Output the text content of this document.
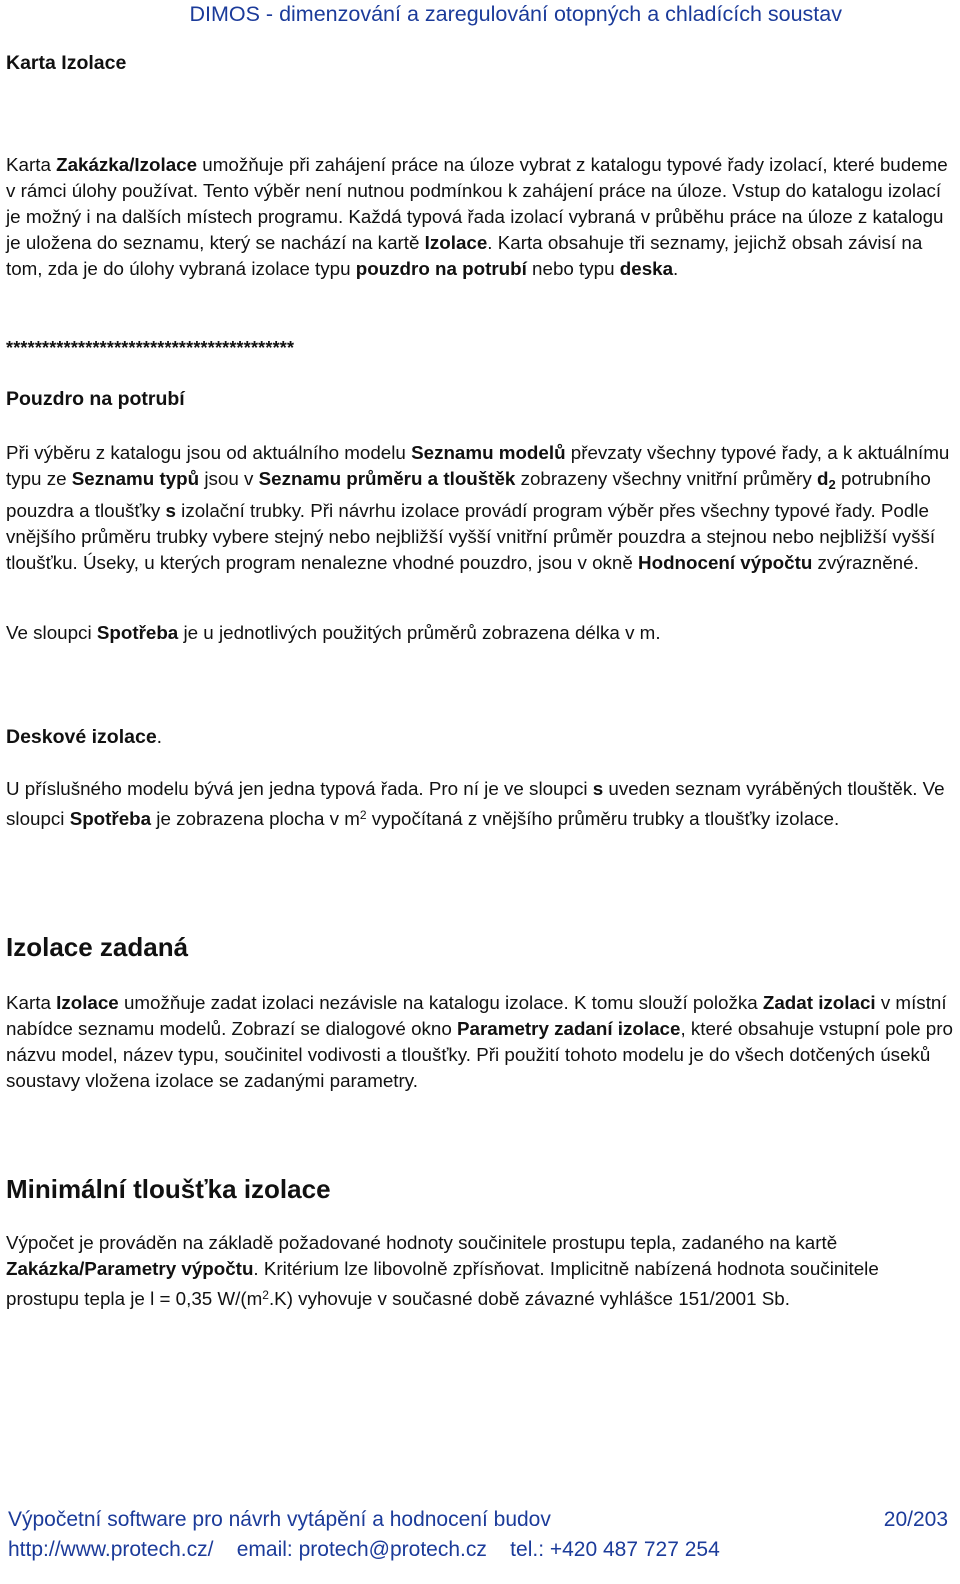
DIMOS - dimenzování a zaregulování otopných a chladících soustav
Karta Izolace

Karta Zakázka/Izolace umožňuje při zahájení práce na úloze vybrat z katalogu typové řady izolací, které budeme v rámci úlohy používat. Tento výběr není nutnou podmínkou k zahájení práce na úloze. Vstup do katalogu izolací je možný i na dalších místech programu. Každá typová řada izolací vybraná v průběhu práce na úloze z katalogu je uložena do seznamu, který se nachází na kartě Izolace. Karta obsahuje tři seznamy, jejichž obsah závisí na tom, zda je do úlohy vybraná izolace typu pouzdro na potrubí nebo typu deska.

****************************************
Pouzdro na potrubí

Při výběru z katalogu jsou od aktuálního modelu Seznamu modelů převzaty všechny typové řady, a k aktuálnímu typu ze Seznamu typů jsou v Seznamu průměru a tlouštěk zobrazeny všechny vnitřní průměry $d_2$ potrubního pouzdra a tloušťky s izolační trubky. Při návrhu izolace provádí program výběr přes všechny typové řady. Podle vnějšího průměru trubky vybere stejný nebo nejbližší vyšší vnitřní průměr pouzdra a stejnou nebo nejbližší vyšší tloušťku. Úseky, u kterých program nenalezne vhodné pouzdro, jsou v okně Hodnocení výpočtu zvýrazněné.

Ve sloupci Spotřeba je u jednotlivých použitých průměrů zobrazena délka v m.

Deskové izolace.

U příslušného modelu bývá jen jedna typová řada. Pro ní je ve sloupci s uveden seznam vyráběných tlouštěk. Ve sloupci Spotřeba je zobrazena plocha v $m^2$ vypočítaná z vnějšího průměru trubky a tloušťky izolace.

Izolace zadaná

Karta Izolace umožňuje zadat izolaci nezávisle na katalogu izolace. K tomu slouží položka Zadat izolaci v místní nabídce seznamu modelů. Zobrazí se dialogové okno Parametry zadaní izolace, které obsahuje vstupní pole pro názvu model, název typu, součinitel vodivosti a tloušťky. Při použití tohoto modelu je do všech dotčených úseků soustavy vložena izolace se zadanými parametry.

Minimální tloušťka izolace

Výpočet je prováděn na základě požadované hodnoty součinitele prostupu tepla, zadaného na kartě Zakázka/Parametry výpočtu. Kritérium lze libovolně zpřísňovat. Implicitně nabízená hodnota součinitele prostupu tepla je l = 0,35 $W/(m^2.K)$ vyhovuje v současné době závazné vyhlášce 151/2001 Sb.

Výpočetní software pro návrh vytápění a hodnocení budov	20/203
http://www.protech.cz/    email: protech@protech.cz    tel.: +420 487 727 254
